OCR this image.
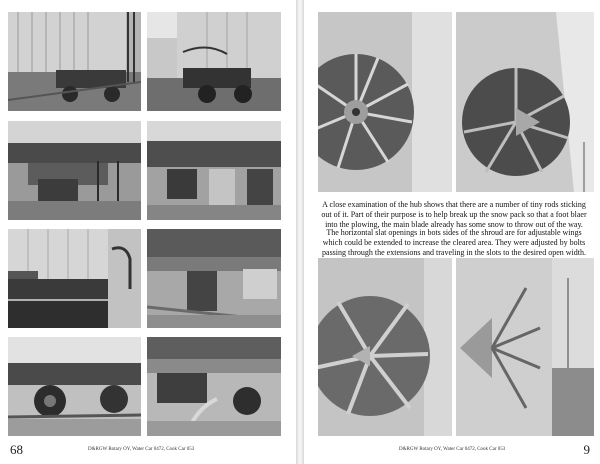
68	D&RGW Rotary OY, Water Car 0472, Cook Car 053

A close examination of the hub shows that there are a number of tiny rods sticking out of it. Part of their purpose is to help break up the snow pack so that a foot blaer into the plowing, the main blade already has some snow to throw out of the way.

The horizontal slat openings in bots sides of the shroud are for adjustable wings which could be extended to increase the cleared area. They were adjusted by bolts passing through the extensions and traveling in the slots to the desired open width.

D&RGW Rotary OY, Water Car 0472, Cook Car 053	9
